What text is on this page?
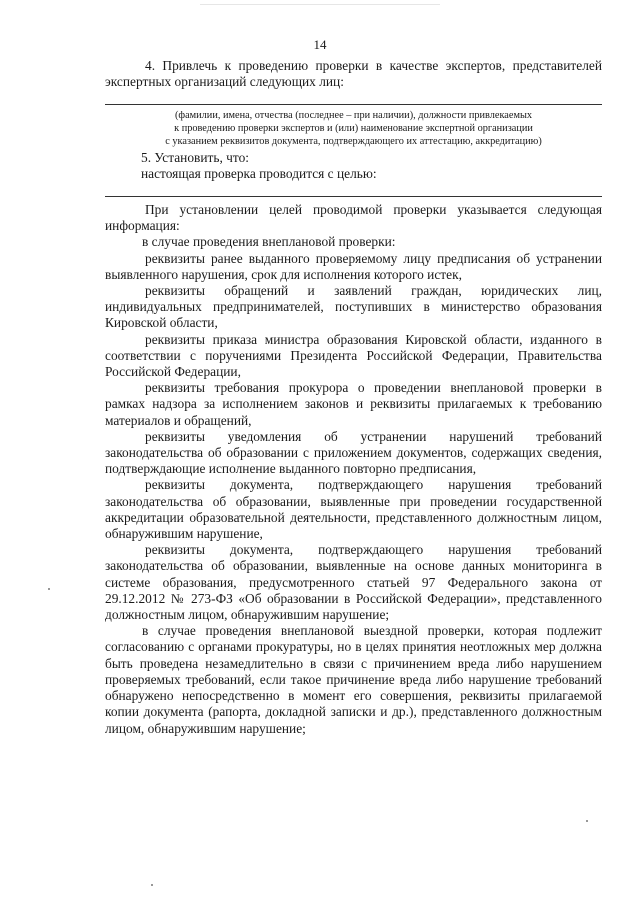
14

4. Привлечь к проведению проверки в качестве экспертов, представителей экспертных организаций следующих лиц:

(фамилии, имена, отчества (последнее – при наличии), должности привлекаемых
к проведению проверки экспертов и (или) наименование экспертной организации
с указанием реквизитов документа, подтверждающего их аттестацию, аккредитацию)
5. Установить, что:
настоящая проверка проводится с целью:

При установлении целей проводимой проверки указывается следующая информация:

в случае проведения внеплановой проверки:

реквизиты ранее выданного проверяемому лицу предписания об устранении выявленного нарушения, срок для исполнения которого истек,

реквизиты обращений и заявлений граждан, юридических лиц, индивидуальных предпринимателей, поступивших в министерство образования Кировской области,

реквизиты приказа министра образования Кировской области, изданного в соответствии с поручениями Президента Российской Федерации, Правительства Российской Федерации,

реквизиты требования прокурора о проведении внеплановой проверки в рамках надзора за исполнением законов и реквизиты прилагаемых к требованию материалов и обращений,

реквизиты уведомления об устранении нарушений требований законодательства об образовании с приложением документов, содержащих сведения, подтверждающие исполнение выданного повторно предписания,

реквизиты документа, подтверждающего нарушения требований законодательства об образовании, выявленные при проведении государственной аккредитации образовательной деятельности, представленного должностным лицом, обнаружившим нарушение,

реквизиты документа, подтверждающего нарушения требований законодательства об образовании, выявленные на основе данных мониторинга в системе образования, предусмотренного статьей 97 Федерального закона от 29.12.2012 № 273-ФЗ «Об образовании в Российской Федерации», представленного должностным лицом, обнаружившим нарушение;

в случае проведения внеплановой выездной проверки, которая подлежит согласованию с органами прокуратуры, но в целях принятия неотложных мер должна быть проведена незамедлительно в связи с причинением вреда либо нарушением проверяемых требований, если такое причинение вреда либо нарушение требований обнаружено непосредственно в момент его совершения, реквизиты прилагаемой копии документа (рапорта, докладной записки и др.), представленного должностным лицом, обнаружившим нарушение;
